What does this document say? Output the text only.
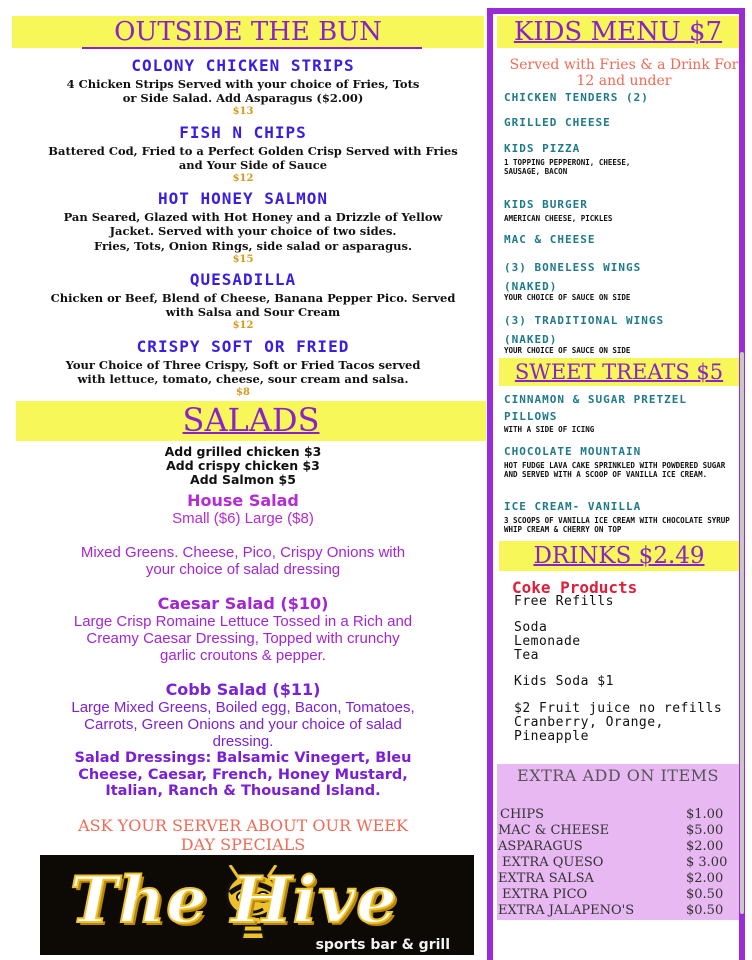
OUTSIDE THE BUN
COLONY CHICKEN STRIPS
4 Chicken Strips Served with your choice of Fries, Tots or Side Salad. Add Asparagus ($2.00)
$13
FISH N CHIPS
Battered Cod, Fried to a Perfect Golden Crisp Served with Fries and Your Side of Sauce
$12
HOT HONEY SALMON
Pan Seared, Glazed with Hot Honey and a Drizzle of Yellow Jacket. Served with your choice of two sides.
Fries, Tots, Onion Rings, side salad or asparagus.
$15
QUESADILLA
Chicken or Beef, Blend of Cheese, Banana Pepper Pico. Served with Salsa and Sour Cream
$12
CRISPY SOFT OR FRIED
Your Choice of Three Crispy, Soft or Fried Tacos served with lettuce, tomato, cheese, sour cream and salsa.
$8
SALADS
Add grilled chicken $3
Add crispy chicken $3
Add Salmon $5
House Salad
Small ($6) Large ($8)
Mixed Greens. Cheese, Pico, Crispy Onions with your choice of salad dressing
Caesar Salad ($10)
Large Crisp Romaine Lettuce Tossed in a Rich and Creamy Caesar Dressing, Topped with crunchy garlic croutons & pepper.
Cobb Salad ($11)
Large Mixed Greens, Boiled egg, Bacon, Tomatoes, Carrots, Green Onions and your choice of salad dressing.
Salad Dressings: Balsamic Vinegert, Bleu Cheese, Caesar, French, Honey Mustard, Italian, Ranch & Thousand Island.
ASK YOUR SERVER ABOUT OUR WEEK DAY SPECIALS
The Hive
sports bar & grill
KIDS MENU $7
Served with Fries & a Drink For 12 and under
CHICKEN TENDERS (2)
GRILLED CHEESE
KIDS PIZZA
1 TOPPING PEPPERONI, CHEESE, SAUSAGE, BACON
KIDS BURGER
AMERICAN CHEESE, PICKLES
MAC & CHEESE
(3) BONELESS WINGS (NAKED)
YOUR CHOICE OF SAUCE ON SIDE
(3) TRADITIONAL WINGS (NAKED)
YOUR CHOICE OF SAUCE ON SIDE
SWEET TREATS $5
CINNAMON & SUGAR PRETZEL PILLOWS
WITH A SIDE OF ICING
CHOCOLATE MOUNTAIN
HOT FUDGE LAVA CAKE SPRINKLED WITH POWDERED SUGAR AND SERVED WITH A SCOOP OF VANILLA ICE CREAM.
ICE CREAM- VANILLA
3 SCOOPS OF VANILLA ICE CREAM WITH CHOCOLATE SYRUP WHIP CREAM & CHERRY ON TOP
DRINKS $2.49
Coke Products
Free Refills
Soda
Lemonade
Tea
Kids Soda $1
$2 Fruit juice no refills Cranberry, Orange, Pineapple
EXTRA ADD ON ITEMS
CHIPS	$1.00
MAC & CHEESE	$5.00
ASPARAGUS	$2.00
EXTRA QUESO	$ 3.00
EXTRA SALSA	$2.00
EXTRA PICO	$0.50
EXTRA JALAPENO'S	$0.50
